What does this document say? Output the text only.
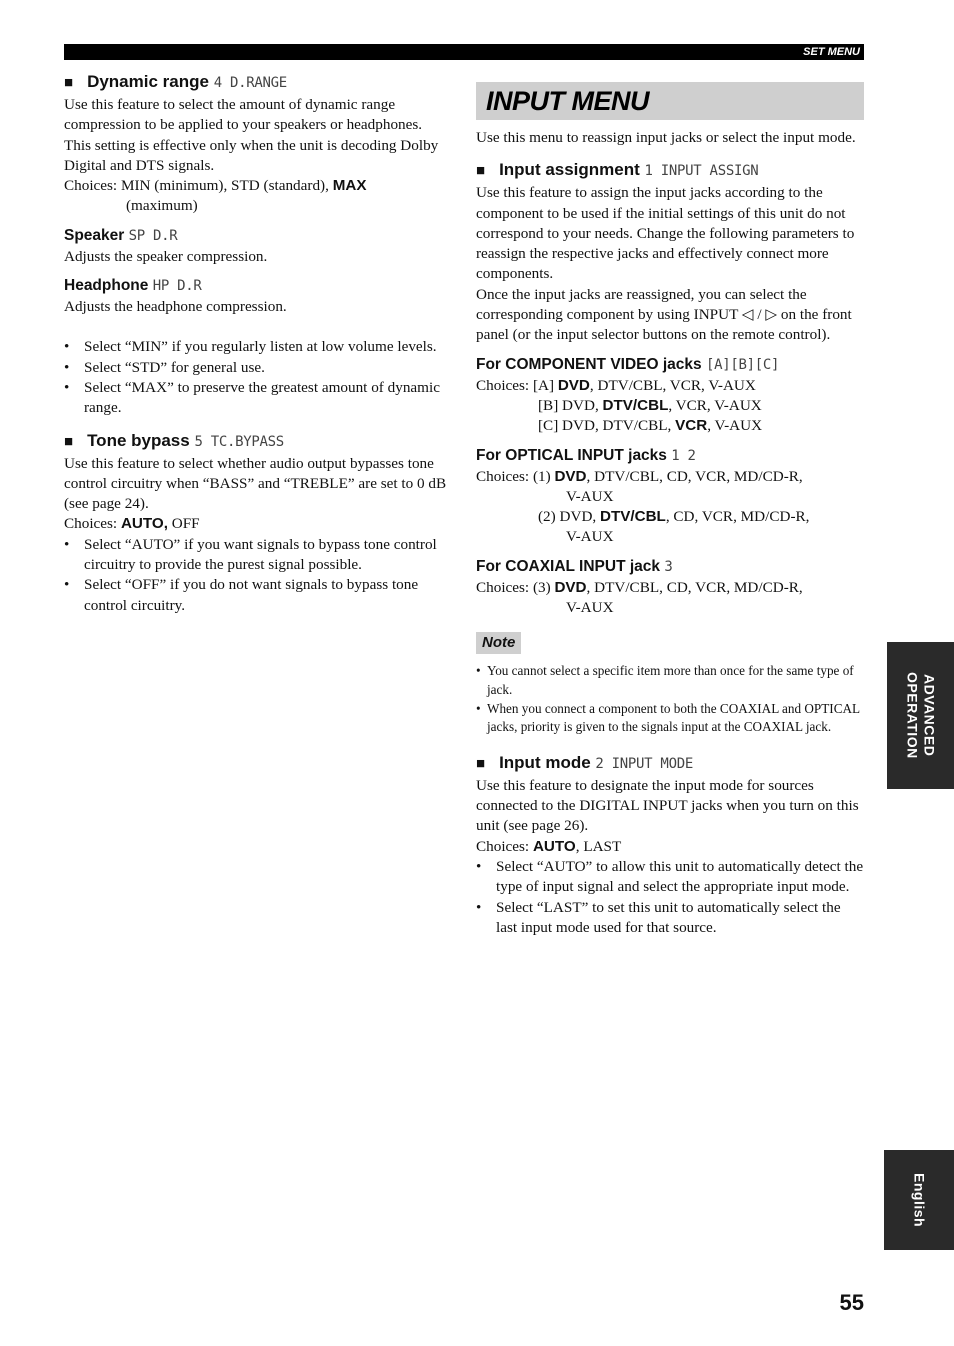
SET MENU
■ Dynamic range 4 D.RANGE

Use this feature to select the amount of dynamic range compression to be applied to your speakers or headphones. This setting is effective only when the unit is decoding Dolby Digital and DTS signals.

Choices: MIN (minimum), STD (standard), MAX

(maximum)

Speaker SP D.R

Adjusts the speaker compression.

Headphone HP D.R

Adjusts the headphone compression.

• Select “MIN” if you regularly listen at low volume levels.
• Select “STD” for general use.
• Select “MAX” to preserve the greatest amount of dynamic range.
■ Tone bypass 5 TC.BYPASS

Use this feature to select whether audio output bypasses tone control circuitry when “BASS” and “TREBLE” are set to 0 dB (see page 24).

Choices: AUTO, OFF

• Select “AUTO” if you want signals to bypass tone control circuitry to provide the purest signal possible.
• Select “OFF” if you do not want signals to bypass tone control circuitry.
INPUT MENU

Use this menu to reassign input jacks or select the input mode.

■ Input assignment 1 INPUT ASSIGN

Use this feature to assign the input jacks according to the component to be used if the initial settings of this unit do not correspond to your needs. Change the following parameters to reassign the respective jacks and effectively connect more components.

Once the input jacks are reassigned, you can select the corresponding component by using INPUT ◁ / ▷ on the front panel (or the input selector buttons on the remote control).

For COMPONENT VIDEO jacks [A][B][C]

Choices: [A] DVD, DTV/CBL, VCR, V-AUX

[B] DVD, DTV/CBL, VCR, V-AUX

[C] DVD, DTV/CBL, VCR, V-AUX

For OPTICAL INPUT jacks 1 2

Choices: (1) DVD, DTV/CBL, CD, VCR, MD/CD-R,

V-AUX

(2) DVD, DTV/CBL, CD, VCR, MD/CD-R,

V-AUX

For COAXIAL INPUT jack 3

Choices: (3) DVD, DTV/CBL, CD, VCR, MD/CD-R,

V-AUX

Note
• You cannot select a specific item more than once for the same type of jack.
• When you connect a component to both the COAXIAL and OPTICAL jacks, priority is given to the signals input at the COAXIAL jack.
■ Input mode 2 INPUT MODE

Use this feature to designate the input mode for sources connected to the DIGITAL INPUT jacks when you turn on this unit (see page 26).

Choices: AUTO, LAST

• Select “AUTO” to allow this unit to automatically detect the type of input signal and select the appropriate input mode.
• Select “LAST” to set this unit to automatically select the last input mode used for that source.
ADVANCED
OPERATION
English
55
